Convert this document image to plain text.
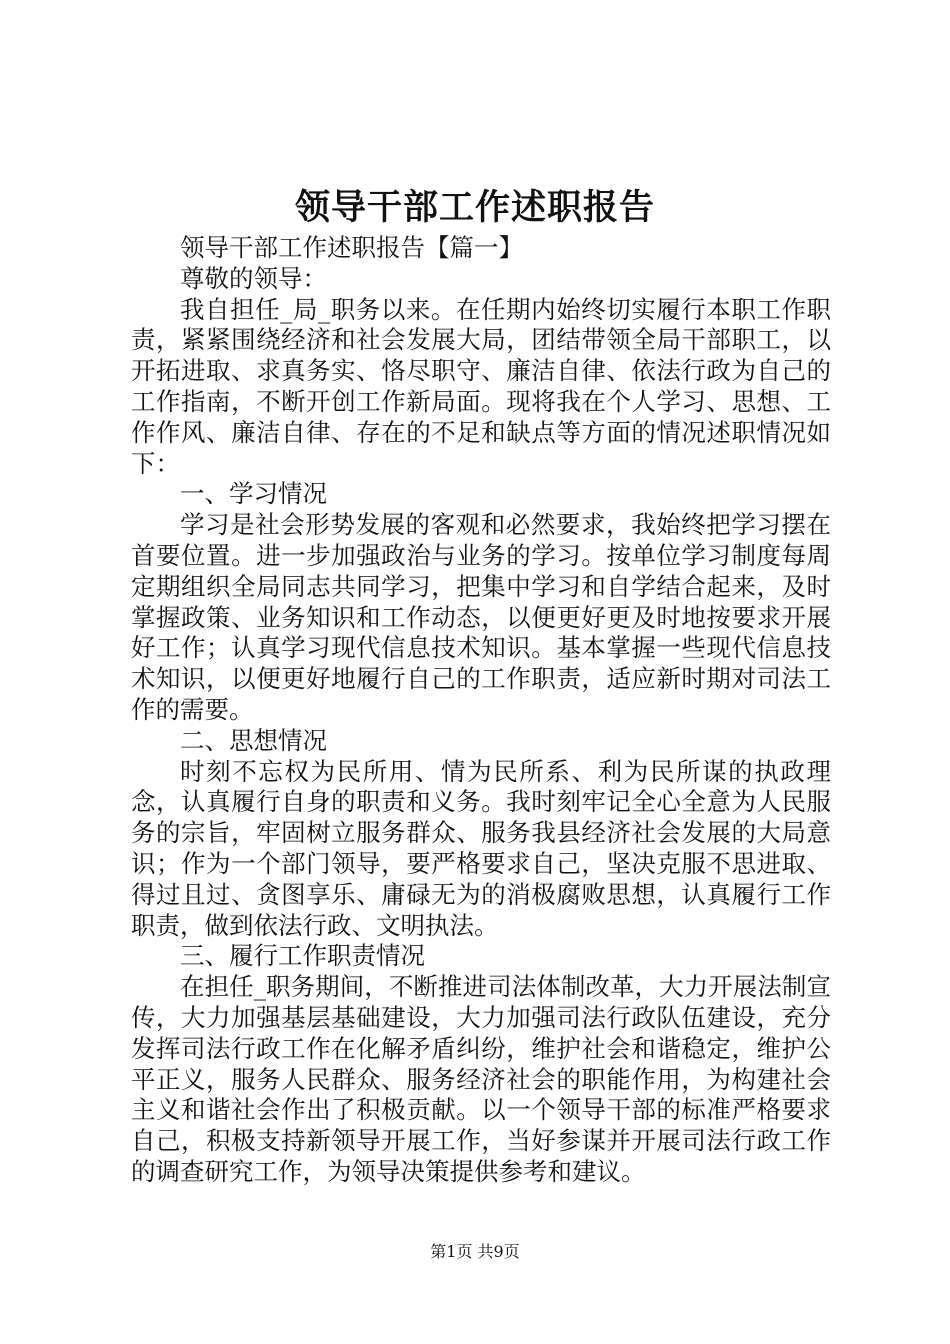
领导干部工作述职报告

领导干部工作述职报告【篇一】

尊敬的领导：

我自担任_局_职务以来。在任期内始终切实履行本职工作职责，紧紧围绕经济和社会发展大局，团结带领全局干部职工，以开拓进取、求真务实、恪尽职守、廉洁自律、依法行政为自己的工作指南，不断开创工作新局面。现将我在个人学习、思想、工作作风、廉洁自律、存在的不足和缺点等方面的情况述职情况如下：

一、学习情况

学习是社会形势发展的客观和必然要求，我始终把学习摆在首要位置。进一步加强政治与业务的学习。按单位学习制度每周定期组织全局同志共同学习，把集中学习和自学结合起来，及时掌握政策、业务知识和工作动态，以便更好更及时地按要求开展好工作；认真学习现代信息技术知识。基本掌握一些现代信息技术知识，以便更好地履行自己的工作职责，适应新时期对司法工作的需要。

二、思想情况

时刻不忘权为民所用、情为民所系、利为民所谋的执政理念，认真履行自身的职责和义务。我时刻牢记全心全意为人民服务的宗旨，牢固树立服务群众、服务我县经济社会发展的大局意识；作为一个部门领导，要严格要求自己，坚决克服不思进取、得过且过、贪图享乐、庸碌无为的消极腐败思想，认真履行工作职责，做到依法行政、文明执法。

三、履行工作职责情况

在担任_职务期间，不断推进司法体制改革，大力开展法制宣传，大力加强基层基础建设，大力加强司法行政队伍建设，充分发挥司法行政工作在化解矛盾纠纷，维护社会和谐稳定，维护公平正义，服务人民群众、服务经济社会的职能作用，为构建社会主义和谐社会作出了积极贡献。以一个领导干部的标准严格要求自己，积极支持新领导开展工作，当好参谋并开展司法行政工作的调查研究工作，为领导决策提供参考和建议。

第1页 共9页
